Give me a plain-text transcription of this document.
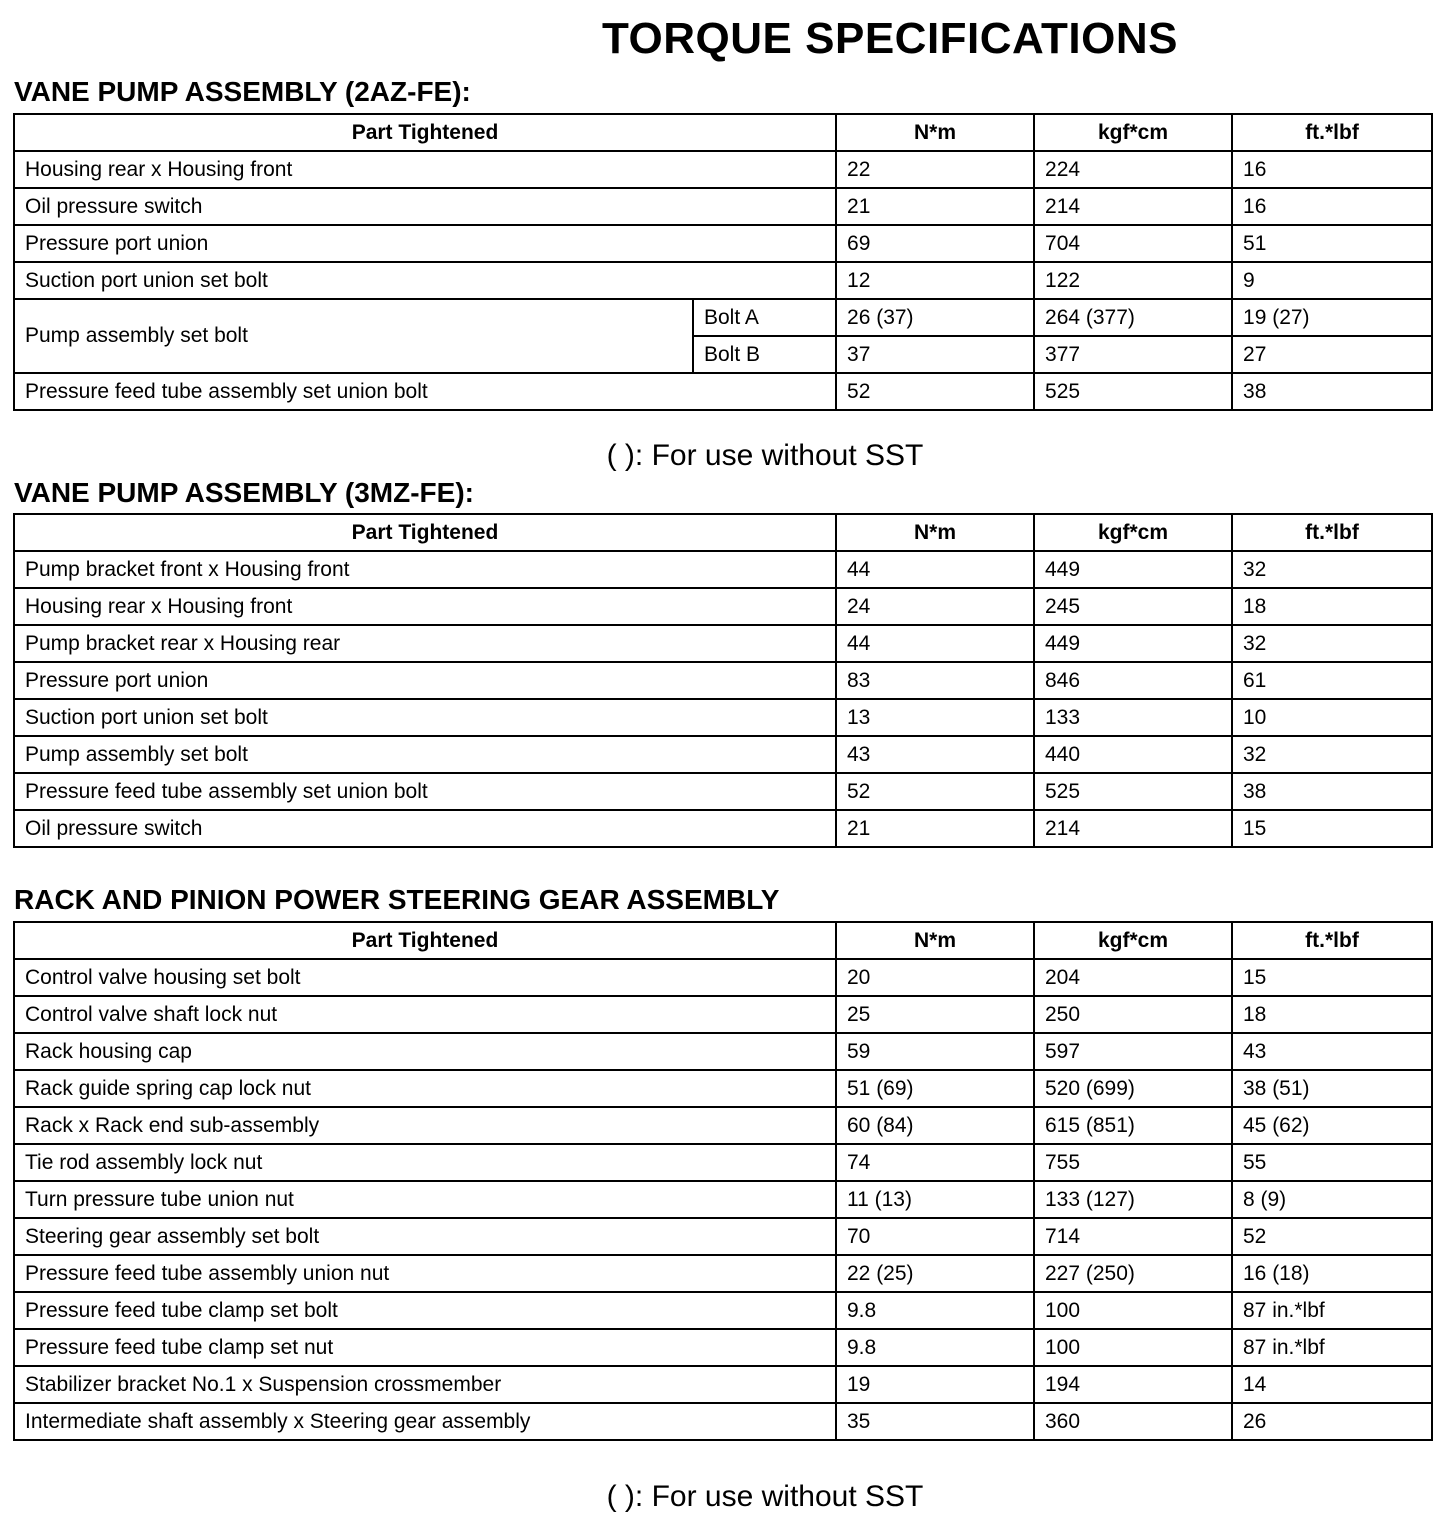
TORQUE SPECIFICATIONS
VANE PUMP ASSEMBLY (2AZ-FE):
Part Tightened		N*m	kgf*cm	ft.*lbf
Housing rear x Housing front		22	224	16
Oil pressure switch		21	214	16
Pressure port union		69	704	51
Suction port union set bolt		12	122	9
Pump assembly set bolt	Bolt A	26 (37)	264 (377)	19 (27)
	Bolt B	37	377	27
Pressure feed tube assembly set union bolt		52	525	38
( ): For use without SST
VANE PUMP ASSEMBLY (3MZ-FE):
Part Tightened	N*m	kgf*cm	ft.*lbf
Pump bracket front x Housing front	44	449	32
Housing rear x Housing front	24	245	18
Pump bracket rear x Housing rear	44	449	32
Pressure port union	83	846	61
Suction port union set bolt	13	133	10
Pump assembly set bolt	43	440	32
Pressure feed tube assembly set union bolt	52	525	38
Oil pressure switch	21	214	15
RACK AND PINION POWER STEERING GEAR ASSEMBLY
Part Tightened	N*m	kgf*cm	ft.*lbf
Control valve housing set bolt	20	204	15
Control valve shaft lock nut	25	250	18
Rack housing cap	59	597	43
Rack guide spring cap lock nut	51 (69)	520 (699)	38 (51)
Rack x Rack end sub-assembly	60 (84)	615 (851)	45 (62)
Tie rod assembly lock nut	74	755	55
Turn pressure tube union nut	11 (13)	133 (127)	8 (9)
Steering gear assembly set bolt	70	714	52
Pressure feed tube assembly union nut	22 (25)	227 (250)	16 (18)
Pressure feed tube clamp set bolt	9.8	100	87 in.*lbf
Pressure feed tube clamp set nut	9.8	100	87 in.*lbf
Stabilizer bracket No.1 x Suspension crossmember	19	194	14
Intermediate shaft assembly x Steering gear assembly	35	360	26
( ): For use without SST
